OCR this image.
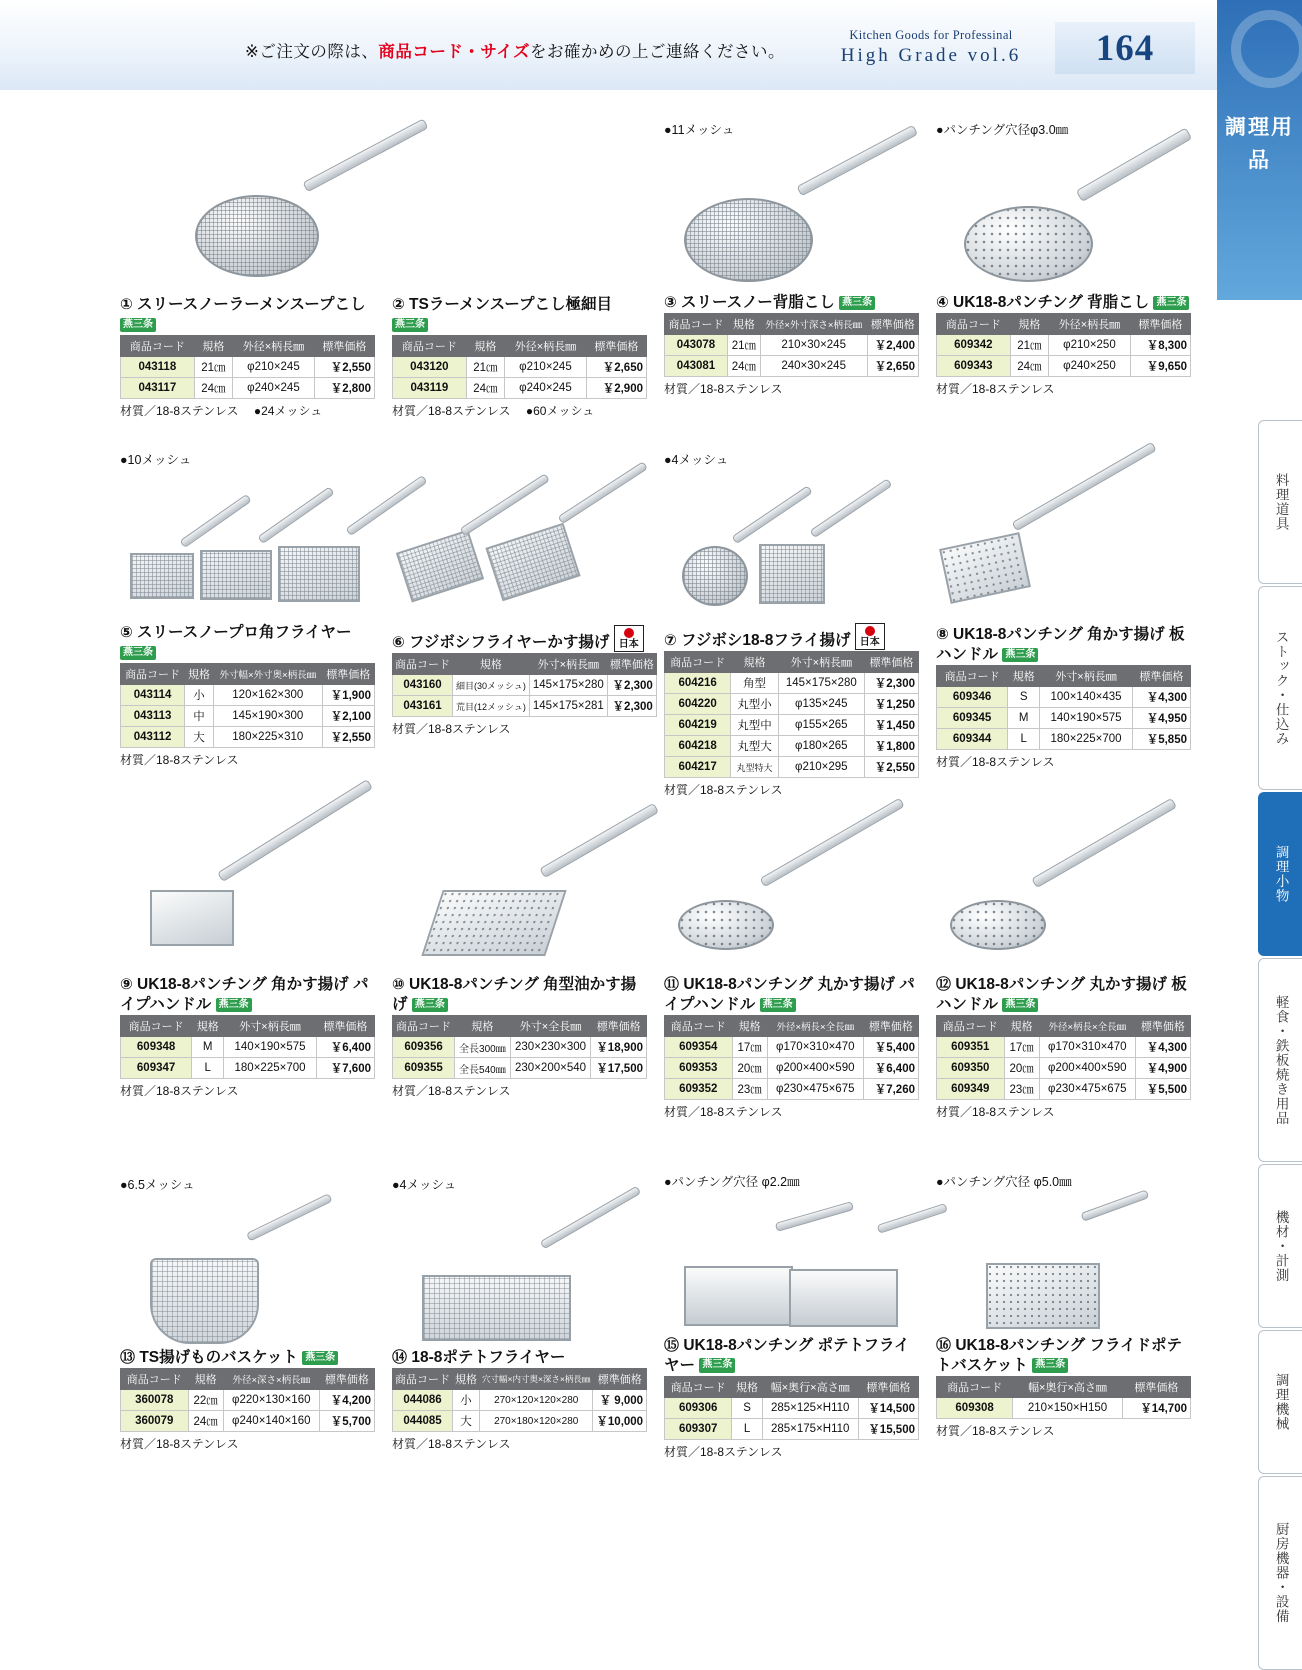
※ご注文の際は、商品コード・サイズをお確かめの上ご連絡ください。
Kitchen Goods for Professinal
High Grade vol.6	164
調理用品
料理道具
ストック・仕込み
調理小物
軽食・鉄板焼き用品
機材・計測
調理機械
厨房機器・設備
① スリースノーラーメンスープこし 燕三条
商品コード	規格	外径×柄長㎜	標準価格
043118	21㎝	φ210×245	￥2,550
043117	24㎝	φ240×245	￥2,800
材質／18-8ステンレス ●24メッシュ
② TSラーメンスープこし極細目 燕三条
商品コード	規格	外径×柄長㎜	標準価格
043120	21㎝	φ210×245	￥2,650
043119	24㎝	φ240×245	￥2,900
材質／18-8ステンレス ●60メッシュ
●11メッシュ
③ スリースノー背脂こし 燕三条
商品コード	規格	外径×外寸深さ×柄長㎜	標準価格
043078	21㎝	210×30×245	￥2,400
043081	24㎝	240×30×245	￥2,650
材質／18-8ステンレス
●パンチング穴径φ3.0㎜
④ UK18-8パンチング 背脂こし 燕三条
商品コード	規格	外径×柄長㎜	標準価格
609342	21㎝	φ210×250	￥8,300
609343	24㎝	φ240×250	￥9,650
材質／18-8ステンレス
●10メッシュ
⑤ スリースノープロ角フライヤー 燕三条
商品コード	規格	外寸幅×外寸奥×柄長㎜	標準価格
043114	小	120×162×300	￥1,900
043113	中	145×190×300	￥2,100
043112	大	180×225×310	￥2,550
材質／18-8ステンレス
⑥ フジボシフライヤーかす揚げ 日本
商品コード	規格	外寸×柄長㎜	標準価格
043160	細目(30メッシュ)	145×175×280	￥2,300
043161	荒目(12メッシュ)	145×175×281	￥2,300
材質／18-8ステンレス
●4メッシュ
⑦ フジボシ18-8フライ揚げ 日本
商品コード	規格	外寸×柄長㎜	標準価格
604216	角型	145×175×280	￥2,300
604220	丸型小	φ135×245	￥1,250
604219	丸型中	φ155×265	￥1,450
604218	丸型大	φ180×265	￥1,800
604217	丸型特大	φ210×295	￥2,550
材質／18-8ステンレス
⑧ UK18-8パンチング 角かす揚げ 板ハンドル 燕三条
商品コード	規格	外寸×柄長㎜	標準価格
609346	S	100×140×435	￥4,300
609345	M	140×190×575	￥4,950
609344	L	180×225×700	￥5,850
材質／18-8ステンレス
⑨ UK18-8パンチング 角かす揚げ パイプハンドル 燕三条
商品コード	規格	外寸×柄長㎜	標準価格
609348	M	140×190×575	￥6,400
609347	L	180×225×700	￥7,600
材質／18-8ステンレス
⑩ UK18-8パンチング 角型油かす揚げ 燕三条
商品コード	規格	外寸×全長㎜	標準価格
609356	全長300㎜	230×230×300	￥18,900
609355	全長540㎜	230×200×540	￥17,500
材質／18-8ステンレス
⑪ UK18-8パンチング 丸かす揚げ パイプハンドル 燕三条
商品コード	規格	外径×柄長×全長㎜	標準価格
609354	17㎝	φ170×310×470	￥5,400
609353	20㎝	φ200×400×590	￥6,400
609352	23㎝	φ230×475×675	￥7,260
材質／18-8ステンレス
⑫ UK18-8パンチング 丸かす揚げ 板ハンドル 燕三条
商品コード	規格	外径×柄長×全長㎜	標準価格
609351	17㎝	φ170×310×470	￥4,300
609350	20㎝	φ200×400×590	￥4,900
609349	23㎝	φ230×475×675	￥5,500
材質／18-8ステンレス
●6.5メッシュ
⑬ TS揚げものバスケット 燕三条
商品コード	規格	外径×深さ×柄長㎜	標準価格
360078	22㎝	φ220×130×160	￥4,200
360079	24㎝	φ240×140×160	￥5,700
材質／18-8ステンレス
●4メッシュ
⑭ 18-8ポテトフライヤー
商品コード	規格	穴寸幅×内寸奥×深さ×柄長㎜	標準価格
044086	小	270×120×120×280	￥ 9,000
044085	大	270×180×120×280	￥10,000
材質／18-8ステンレス
●パンチング穴径 φ2.2㎜
⑮ UK18-8パンチング ポテトフライヤー 燕三条
商品コード	規格	幅×奥行×高さ㎜	標準価格
609306	S	285×125×H110	￥14,500
609307	L	285×175×H110	￥15,500
材質／18-8ステンレス
●パンチング穴径 φ5.0㎜
⑯ UK18-8パンチング フライドポテトバスケット 燕三条
商品コード	幅×奥行×高さ㎜	標準価格
609308	210×150×H150	￥14,700
材質／18-8ステンレス
